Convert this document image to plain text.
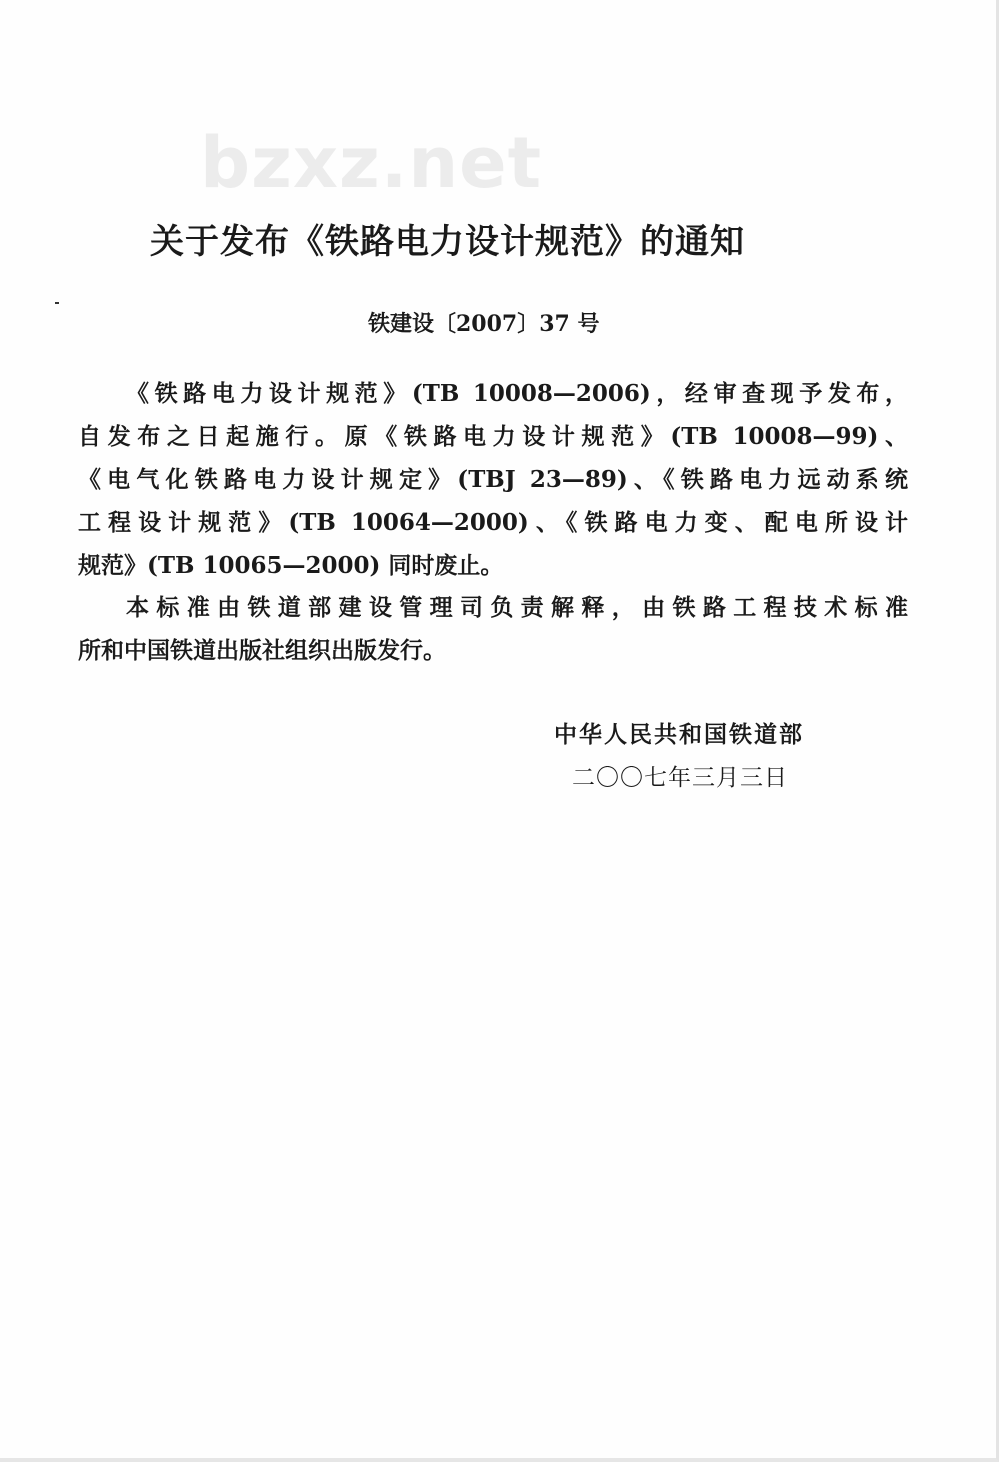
bzxz.net
关于发布《铁路电力设计规范》的通知
铁建设〔2007〕37 号
《铁路电力设计规范》(TB 10008—2006)，经审查现予发布，
自发布之日起施行。原《铁路电力设计规范》(TB 10008—99)、
《电气化铁路电力设计规定》(TBJ 23—89)、《铁路电力远动系统
工程设计规范》(TB 10064—2000)、《铁路电力变、配电所设计
规范》(TB 10065—2000) 同时废止。
本标准由铁道部建设管理司负责解释，由铁路工程技术标准
所和中国铁道出版社组织出版发行。
中华人民共和国铁道部
二〇〇七年三月三日
